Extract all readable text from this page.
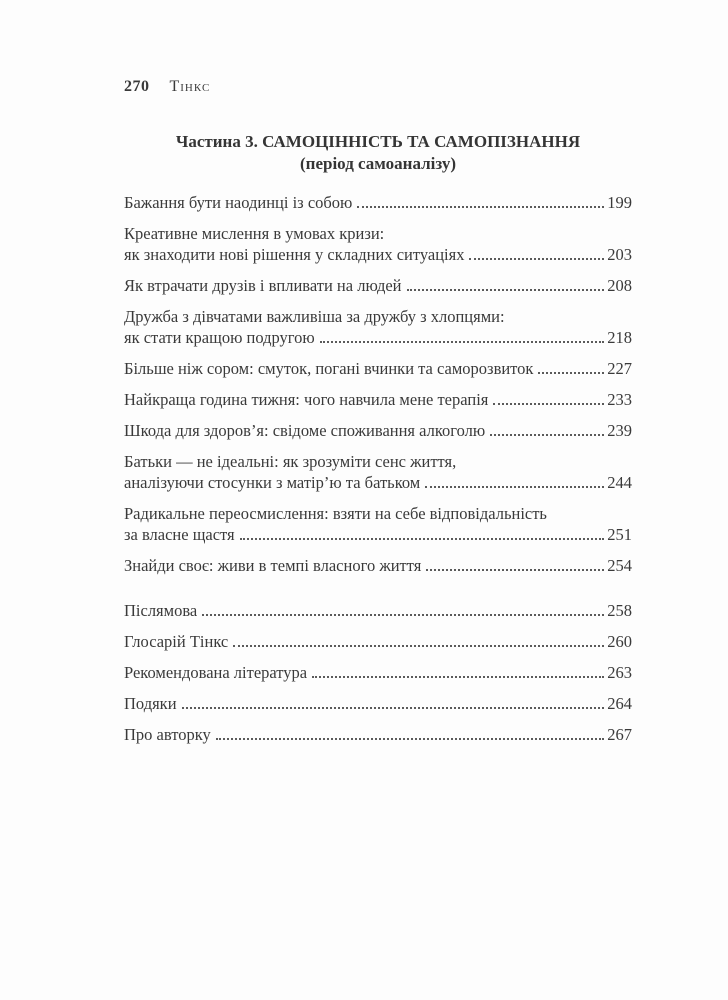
270 Тінкс
Частина 3. САМОЦІННІСТЬ ТА САМОПІЗНАННЯ
(період самоаналізу)
Бажання бути наодинці із собою	199
Креативне мислення в умовах кризи:
як знаходити нові рішення у складних ситуаціях	203
Як втрачати друзів і впливати на людей	208
Дружба з дівчатами важливіша за дружбу з хлопцями:
як стати кращою подругою	218
Більше ніж сором: смуток, погані вчинки та саморозвиток	227
Найкраща година тижня: чого навчила мене терапія	233
Шкода для здоров’я: свідоме споживання алкоголю	239
Батьки — не ідеальні: як зрозуміти сенс життя,
аналізуючи стосунки з матір’ю та батьком	244
Радикальне переосмислення: взяти на себе відповідальність
за власне щастя	251
Знайди своє: живи в темпі власного життя	254
Післямова	258
Глосарій Тінкс	260
Рекомендована література	263
Подяки	264
Про авторку	267
